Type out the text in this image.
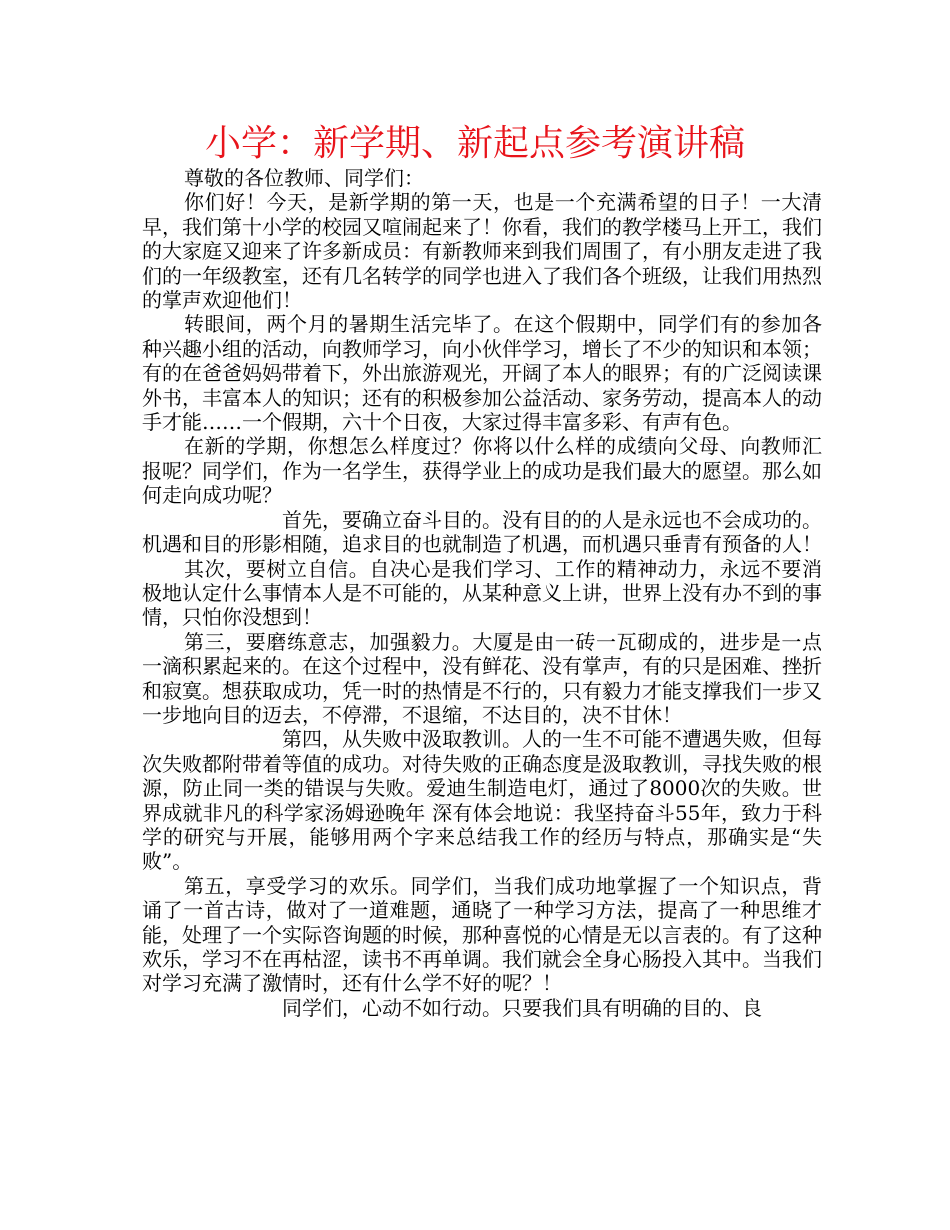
小学：新学期、新起点参考演讲稿

尊敬的各位教师、同学们：

你们好！今天，是新学期的第一天，也是一个充满希望的日子！一大清早，我们第十小学的校园又喧闹起来了！你看，我们的教学楼马上开工，我们的大家庭又迎来了许多新成员：有新教师来到我们周围了，有小朋友走进了我们的一年级教室，还有几名转学的同学也进入了我们各个班级，让我们用热烈的掌声欢迎他们！

转眼间，两个月的暑期生活完毕了。在这个假期中，同学们有的参加各种兴趣小组的活动，向教师学习，向小伙伴学习，增长了不少的知识和本领；有的在爸爸妈妈带着下，外出旅游观光，开阔了本人的眼界；有的广泛阅读课外书，丰富本人的知识；还有的积极参加公益活动、家务劳动，提高本人的动手才能……一个假期，六十个日夜，大家过得丰富多彩、有声有色。

在新的学期，你想怎么样度过？你将以什么样的成绩向父母、向教师汇报呢？同学们，作为一名学生，获得学业上的成功是我们最大的愿望。那么如何走向成功呢？

首先，要确立奋斗目的。没有目的的人是永远也不会成功的。机遇和目的形影相随，追求目的也就制造了机遇，而机遇只垂青有预备的人！

其次，要树立自信。自决心是我们学习、工作的精神动力，永远不要消极地认定什么事情本人是不可能的，从某种意义上讲，世界上没有办不到的事情，只怕你没想到！

第三，要磨练意志，加强毅力。大厦是由一砖一瓦砌成的，进步是一点一滴积累起来的。在这个过程中，没有鲜花、没有掌声，有的只是困难、挫折和寂寞。想获取成功，凭一时的热情是不行的，只有毅力才能支撑我们一步又一步地向目的迈去，不停滞，不退缩，不达目的，决不甘休！

第四，从失败中汲取教训。人的一生不可能不遭遇失败，但每次失败都附带着等值的成功。对待失败的正确态度是汲取教训，寻找失败的根源，防止同一类的错误与失败。爱迪生制造电灯，通过了8000次的失败。世界成就非凡的科学家汤姆逊晚年 深有体会地说：我坚持奋斗55年，致力于科学的研究与开展，能够用两个字来总结我工作的经历与特点，那确实是“失败”。

第五，享受学习的欢乐。同学们，当我们成功地掌握了一个知识点，背诵了一首古诗，做对了一道难题，通晓了一种学习方法，提高了一种思维才能，处理了一个实际咨询题的时候，那种喜悦的心情是无以言表的。有了这种欢乐，学习不在再枯涩，读书不再单调。我们就会全身心肠投入其中。当我们对学习充满了激情时，还有什么学不好的呢？！

同学们，心动不如行动。只要我们具有明确的目的、良
